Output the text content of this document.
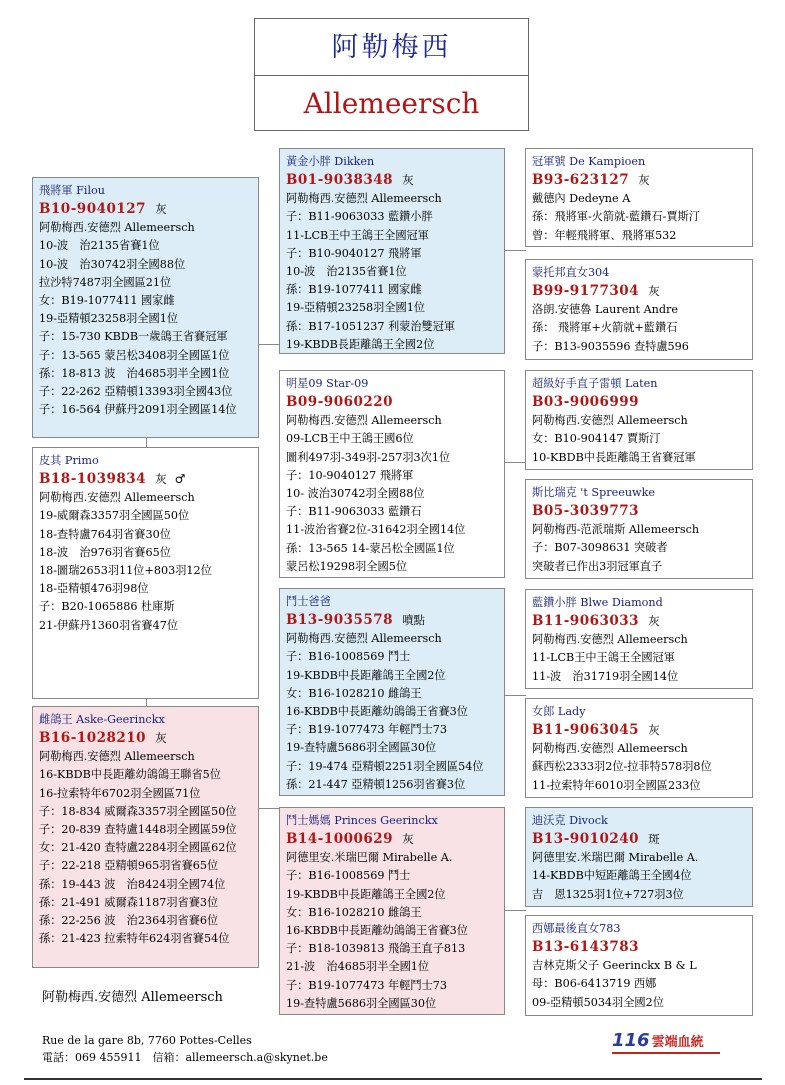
阿勒梅西
Allemeersch
飛將軍 Filou
B10-9040127 灰
阿勒梅西.安德烈 Allemeersch
10-波　治2135省賽1位
10-波　治30742羽全國88位
拉沙特7487羽全國區21位
女：B19-1077411 國家雌
19-亞精頓23258羽全國1位
子：15-730 KBDB一歲鴿王省賽冠軍
子：13-565 蒙呂松3408羽全國區1位
孫：18-813 波　治4685羽半全國1位
子：22-262 亞精頓13393羽全國43位
子：16-564 伊蘇丹2091羽全國區14位
皮其 Primo
B18-1039834 灰 ♂
阿勒梅西.安德烈 Allemeersch
19-威爾森3357羽全國區50位
18-查特盧764羽省賽30位
18-波　治976羽省賽65位
18-圖瑞2653羽11位+803羽12位
18-亞精頓476羽98位
子：B20-1065886 杜庫斯
21-伊蘇丹1360羽省賽47位
雌鴿王 Aske-Geerinckx
B16-1028210 灰
阿勒梅西.安德烈 Allemeersch
16-KBDB中長距離幼鴿鴿王聯省5位
16-拉索特年6702羽全國區71位
子：18-834 威爾森3357羽全國區50位
子：20-839 查特盧1448羽全國區59位
女：21-420 查特盧2284羽全國區62位
子：22-218 亞精頓965羽省賽65位
孫：19-443 波　治8424羽全國74位
孫：21-491 威爾森1187羽省賽3位
孫：22-256 波　治2364羽省賽6位
孫：21-423 拉索特年624羽省賽54位
黃金小胖 Dikken
B01-9038348 灰
阿勒梅西.安德烈 Allemeersch
子：B11-9063033 藍鑽小胖
11-LCB王中王鴿王全國冠軍
子：B10-9040127 飛將軍
10-波　治2135省賽1位
孫：B19-1077411 國家雌
19-亞精頓23258羽全國1位
孫：B17-1051237 利蒙治雙冠軍
19-KBDB長距離鴿王全國2位
明星09 Star-09
B09-9060220
阿勒梅西.安德烈 Allemeersch
09-LCB王中王鴿王國6位
圖利497羽-349羽-257羽3次1位
子：10-9040127 飛將軍
10- 波治30742羽全國88位
子：B11-9063033 藍鑽石
11-波治省賽2位-31642羽全國14位
孫：13-565 14-蒙呂松全國區1位
蒙呂松19298羽全國5位
鬥士爸爸
B13-9035578 噴點
阿勒梅西.安德烈 Allemeersch
子：B16-1008569 鬥士
19-KBDB中長距離鴿王全國2位
女：B16-1028210 雌鴿王
16-KBDB中長距離幼鴿鴿王省賽3位
子：B19-1077473 年輕鬥士73
19-查特盧5686羽全國區30位
子：19-474 亞精頓2251羽全國區54位
孫：21-447 亞精頓1256羽省賽3位
鬥士媽媽 Princes Geerinckx
B14-1000629 灰
阿德里安.米瑞巴爾 Mirabelle A.
子：B16-1008569 鬥士
19-KBDB中長距離鴿王全國2位
女：B16-1028210 雌鴿王
16-KBDB中長距離幼鴿鴿王省賽3位
子：B18-1039813 飛鴿王直子813
21-波　治4685羽半全國1位
子：B19-1077473 年輕鬥士73
19-查特盧5686羽全國區30位
冠軍號 De Kampioen
B93-623127 灰
戴德內 Dedeyne A
孫：飛將軍-火箭就-藍鑽石-賈斯汀
曾：年輕飛將軍、飛將軍532
蒙托邦直女304
B99-9177304 灰
洛朗.安德魯 Laurent Andre
孫： 飛將軍+火箭就+藍鑽石
子：B13-9035596 查特盧596
超級好手直子雷頓 Laten
B03-9006999
阿勒梅西.安德烈 Allemeersch
女：B10-904147 賈斯汀
10-KBDB中長距離鴿王省賽冠軍
斯比瑞克 't Spreeuwke
B05-3039773
阿勒梅西-范派瑞斯 Allemeersch
子：B07-3098631 突破者
突破者已作出3羽冠軍直子
藍鑽小胖 Blwe Diamond
B11-9063033 灰
阿勒梅西.安德烈 Allemeersch
11-LCB王中王鴿王全國冠軍
11-波　治31719羽全國14位
女郎 Lady
B11-9063045 灰
阿勒梅西.安德烈 Allemeersch
蘇西松2333羽2位-拉菲特578羽8位
11-拉索特年6010羽全國區233位
迪沃克 Divock
B13-9010240 斑
阿德里安.米瑞巴爾 Mirabelle A.
14-KBDB中短距離鴿王全國4位
吉　恩1325羽1位+727羽3位
西娜最後直女783
B13-6143783
吉林克斯父子 Geerinckx B & L
母：B06-6413719 西娜
09-亞精頓5034羽全國2位
阿勒梅西.安德烈 Allemeersch
Rue de la gare 8b, 7760 Pottes-Celles
電話：069 455911　信箱：allemeersch.a@skynet.be
116 雲端血統
